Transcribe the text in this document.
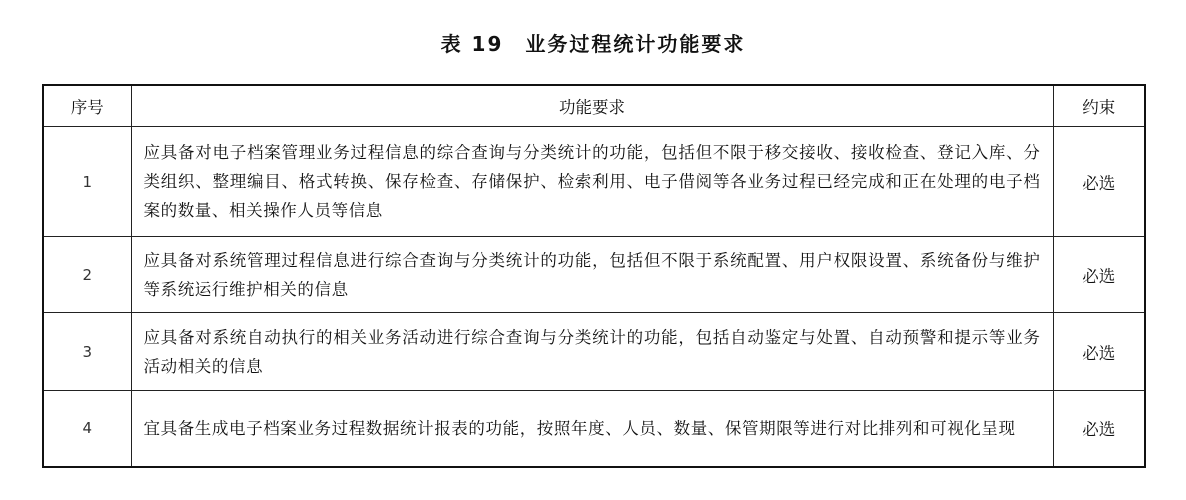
表 19 业务过程统计功能要求
序号	功能要求	约束
1	应具备对电子档案管理业务过程信息的综合查询与分类统计的功能，包括但不限于移交接收、接收检查、登记入库、分类组织、整理编目、格式转换、保存检查、存储保护、检索利用、电子借阅等各业务过程已经完成和正在处理的电子档案的数量、相关操作人员等信息	必选
2	应具备对系统管理过程信息进行综合查询与分类统计的功能，包括但不限于系统配置、用户权限设置、系统备份与维护等系统运行维护相关的信息	必选
3	应具备对系统自动执行的相关业务活动进行综合查询与分类统计的功能，包括自动鉴定与处置、自动预警和提示等业务活动相关的信息	必选
4	宜具备生成电子档案业务过程数据统计报表的功能，按照年度、人员、数量、保管期限等进行对比排列和可视化呈现	必选
